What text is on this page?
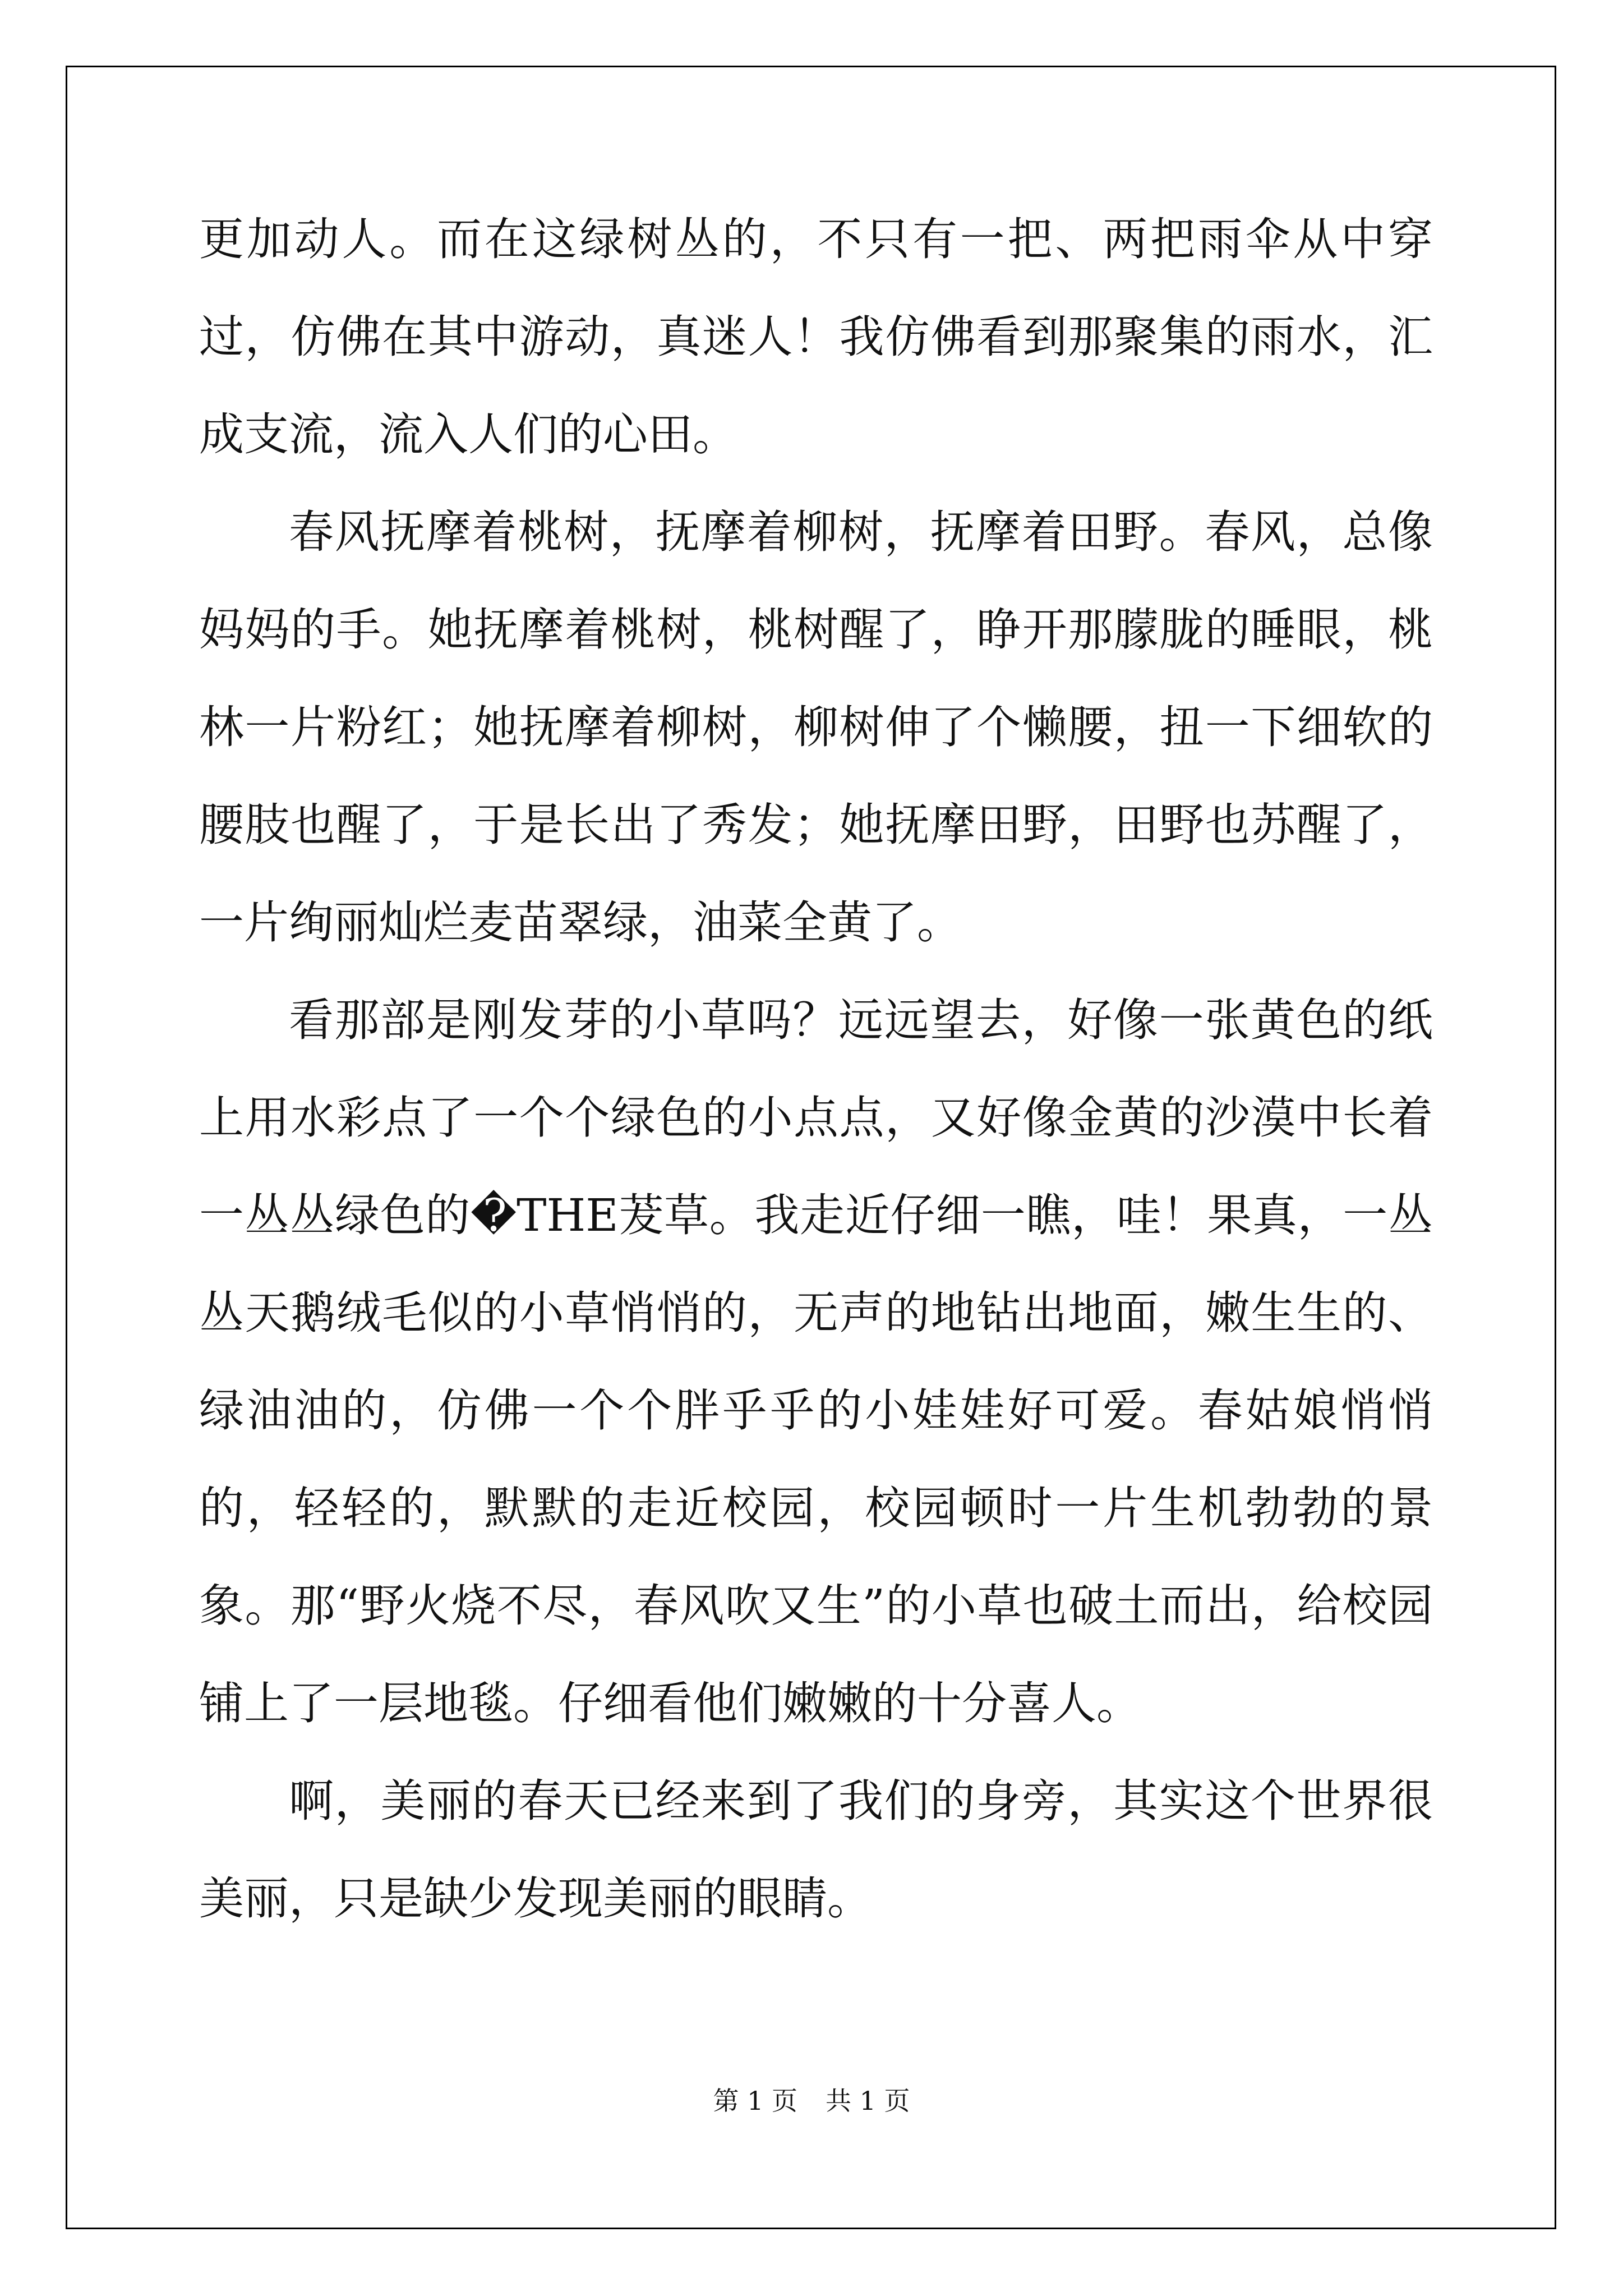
更加动人。而在这绿树丛的，不只有一把、两把雨伞从中穿过，仿佛在其中游动，真迷人！我仿佛看到那聚集的雨水，汇成支流，流入人们的心田。

春风抚摩着桃树，抚摩着柳树，抚摩着田野。春风，总像妈妈的手。她抚摩着桃树，桃树醒了，睁开那朦胧的睡眼，桃林一片粉红；她抚摩着柳树，柳树伸了个懒腰，扭一下细软的腰肢也醒了，于是长出了秀发；她抚摩田野，田野也苏醒了，一片绚丽灿烂麦苗翠绿，油菜全黄了。

看那部是刚发芽的小草吗？远远望去，好像一张黄色的纸上用水彩点了一个个绿色的小点点，又好像金黄的沙漠中长着一丛丛绿色的�THE茇草。我走近仔细一瞧，哇！果真，一丛丛天鹅绒毛似的小草悄悄的，无声的地钻出地面，嫩生生的、绿油油的，仿佛一个个胖乎乎的小娃娃好可爱。春姑娘悄悄的，轻轻的，默默的走近校园，校园顿时一片生机勃勃的景象。那“野火烧不尽，春风吹又生”的小草也破土而出，给校园铺上了一层地毯。仔细看他们嫩嫩的十分喜人。

啊，美丽的春天已经来到了我们的身旁，其实这个世界很美丽，只是缺少发现美丽的眼睛。

第 1 页 共 1 页
